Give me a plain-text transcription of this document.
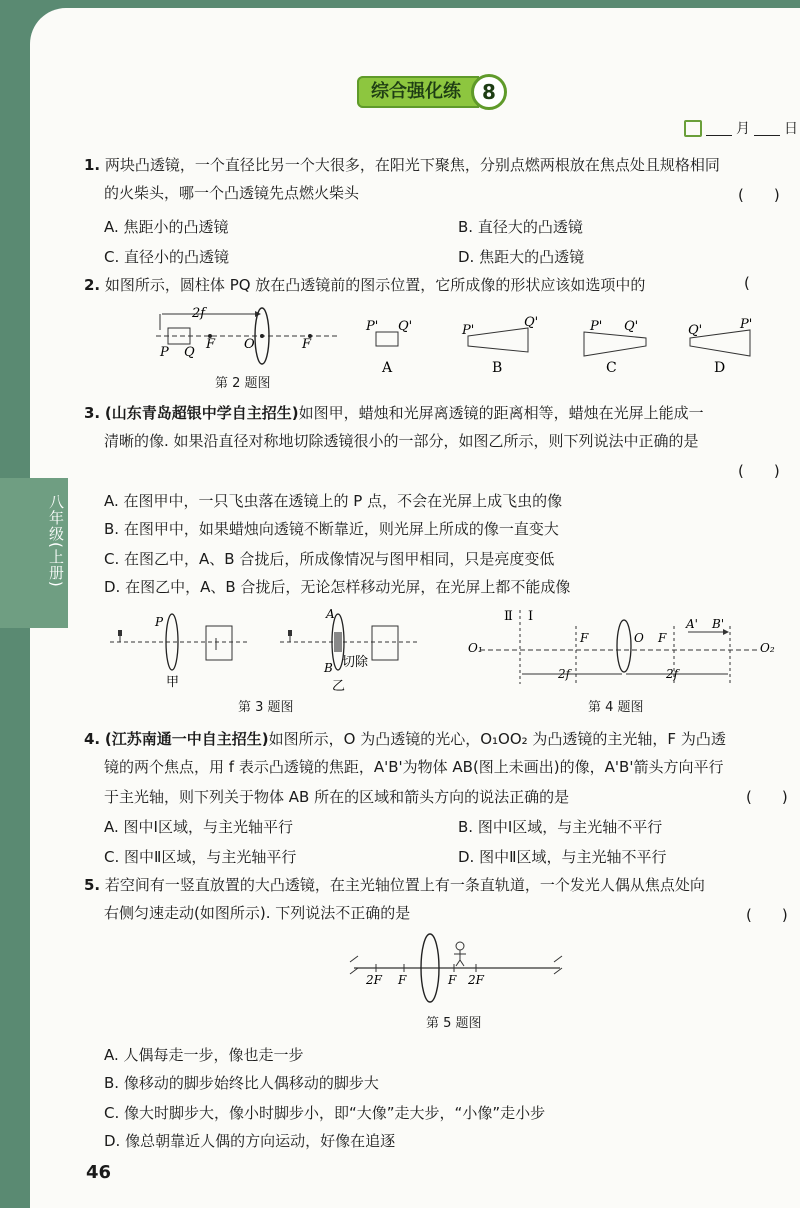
八年级(上册)
综合强化练	8
月 日
1. 两块凸透镜，一个直径比另一个大很多，在阳光下聚焦，分别点燃两根放在焦点处且规格相同
的火柴头，哪一个凸透镜先点燃火柴头	(　　)
A. 焦距小的凸透镜	B. 直径大的凸透镜
C. 直径小的凸透镜	D. 焦距大的凸透镜
2. 如图所示，圆柱体 PQ 放在凸透镜前的图示位置，它所成像的形状应该如选项中的	(
2f
P Q
F O	F
P' Q'
A
P'
Q'
B
P' Q'
C
Q'	P'
D
第 2 题图
3. (山东青岛超银中学自主招生)如图甲，蜡烛和光屏离透镜的距离相等，蜡烛在光屏上能成一
清晰的像. 如果沿直径对称地切除透镜很小的一部分，如图乙所示，则下列说法中正确的是
(　　)
A. 在图甲中，一只飞虫落在透镜上的 P 点，不会在光屏上成飞虫的像
B. 在图甲中，如果蜡烛向透镜不断靠近，则光屏上所成的像一直变大
C. 在图乙中，A、B 合拢后，所成像情况与图甲相同，只是亮度变低
D. 在图乙中，A、B 合拢后，无论怎样移动光屏，在光屏上都不能成像
P
甲
A
B 切除
乙
第 3 题图
Ⅱ Ⅰ
O₁
F	O F
A' B'
O₂
2f	2f
第 4 题图
4. (江苏南通一中自主招生)如图所示，O 为凸透镜的光心，O₁OO₂ 为凸透镜的主光轴，F 为凸透
镜的两个焦点，用 f 表示凸透镜的焦距，A'B'为物体 AB(图上未画出)的像，A'B'箭头方向平行
于主光轴，则下列关于物体 AB 所在的区域和箭头方向的说法正确的是	(　　)
A. 图中Ⅰ区域，与主光轴平行	B. 图中Ⅰ区域，与主光轴不平行
C. 图中Ⅱ区域，与主光轴平行	D. 图中Ⅱ区域，与主光轴不平行
5. 若空间有一竖直放置的大凸透镜，在主光轴位置上有一条直轨道，一个发光人偶从焦点处向
右侧匀速走动(如图所示). 下列说法不正确的是	(　　)
2F F	F 2F
第 5 题图
A. 人偶每走一步，像也走一步
B. 像移动的脚步始终比人偶移动的脚步大
C. 像大时脚步大，像小时脚步小，即“大像”走大步，“小像”走小步
D. 像总朝靠近人偶的方向运动，好像在追逐
46
